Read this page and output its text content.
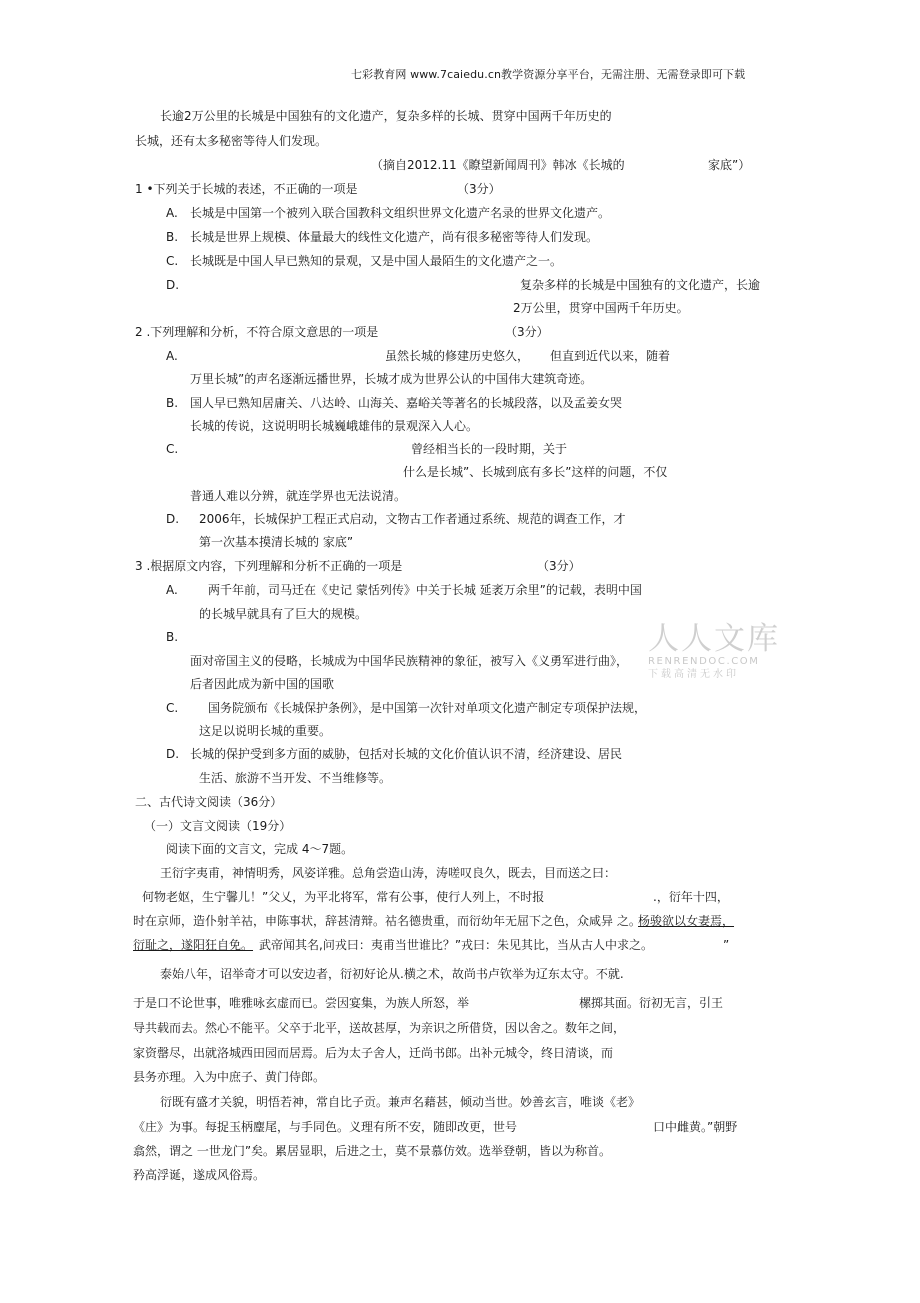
七彩教育网 www.7caiedu.cn教学资源分享平台，无需注册、无需登录即可下载
长逾2万公里的长城是中国独有的文化遗产，复杂多样的长城、贯穿中国两千年历史的
长城，还有太多秘密等待人们发现。
（摘自2012.11《瞭望新闻周刊》韩冰《长城的	家底”）
1 •下列关于长城的表述，不正确的一项是	（3分）
A. 长城是中国第一个被列入联合国教科文组织世界文化遗产名录的世界文化遗产。
B. 长城是世界上规模、体量最大的线性文化遗产，尚有很多秘密等待人们发现。
C. 长城既是中国人早已熟知的景观，又是中国人最陌生的文化遗产之一。
D.	复杂多样的长城是中国独有的文化遗产，长逾
2万公里，贯穿中国两千年历史。
2 .下列理解和分析，不符合原文意思的一项是	（3分）
A.	虽然长城的修建历史悠久， 但直到近代以来，随着
万里长城”的声名逐渐远播世界，长城才成为世界公认的中国伟大建筑奇迹。
B. 国人早已熟知居庸关、八达岭、山海关、嘉峪关等著名的长城段落，以及孟姜女哭
长城的传说，这说明明长城巍峨雄伟的景观深入人心。
C.	曾经相当长的一段时期，关于
什么是长城”、长城到底有多长”这样的问题，不仅
普通人难以分辨，就连学界也无法说清。
D. 2006年，长城保护工程正式启动，文物古工作者通过系统、规范的调查工作，才
第一次基本摸清长城的 家底”
3 .根据原文内容，下列理解和分析不正确的一项是	（3分）
A.	两千年前，司马迁在《史记 蒙恬列传》中关于长城 延袤万余里”的记载，表明中国
的长城早就具有了巨大的规模。
B.
面对帝国主义的侵略，长城成为中国华民族精神的象征，被写入《义勇军进行曲》，
后者因此成为新中国的国歌
C. 国务院颁布《长城保护条例》，是中国第一次针对单项文化遗产制定专项保护法规，
这足以说明长城的重要。
D. 长城的保护受到多方面的威胁，包括对长城的文化价值认识不清，经济建设、居民
生活、旅游不当开发、不当维修等。
二、古代诗文阅读（36分）
（一）文言文阅读（19分）
阅读下面的文言文，完成 4〜7题。
王衍字夷甫，神情明秀，风姿详雅。总角尝造山涛，涛嗟叹良久，既去，目而送之曰：
何物老妪，生宁馨儿！”父乂，为平北将军，常有公事，使行人列上，不时报	.，衍年十四，
时在京师，造仆射羊祜，申陈事状，辞甚清辩。祜名德贵重，而衍幼年无屈下之色，众咸异 之。
杨骏欲以女妻焉，
衍耻之，遂阳狂自免。 武帝闻其名,问戎曰：夷甫当世谁比？”戎曰：朱见其比，当从古人中求之。	”
泰始八年，诏举奇才可以安边者，衍初好论从.横之术，故尚书卢钦举为辽东太守。不就.
于是口不论世事，唯雅咏玄虚而已。尝因宴集，为族人所怒，举	樏掷其面。衍初无言，引王
导共载而去。然心不能平。父卒于北平，送故甚厚，为亲识之所借贷，因以舍之。数年之间，
家资罄尽，出就洛城西田园而居焉。后为太子舍人，迁尚书郎。出补元城令，终日清谈，而
县务亦理。入为中庶子、黄门侍郎。
衍既有盛才关貌，明悟若神，常自比子贡。兼声名藉甚，倾动当世。妙善玄言，唯谈《老》
《庄》为事。每捉玉柄麈尾，与手同色。义理有所不安，随即改更，世号	口中雌黄。”朝野
翕然，谓之 一世龙门”矣。累居显职，后进之士，莫不景慕仿效。选举登朝，皆以为称首。
矜高浮诞，遂成风俗焉。
人人文库
RENRENDOC.COM
下载高清无水印
